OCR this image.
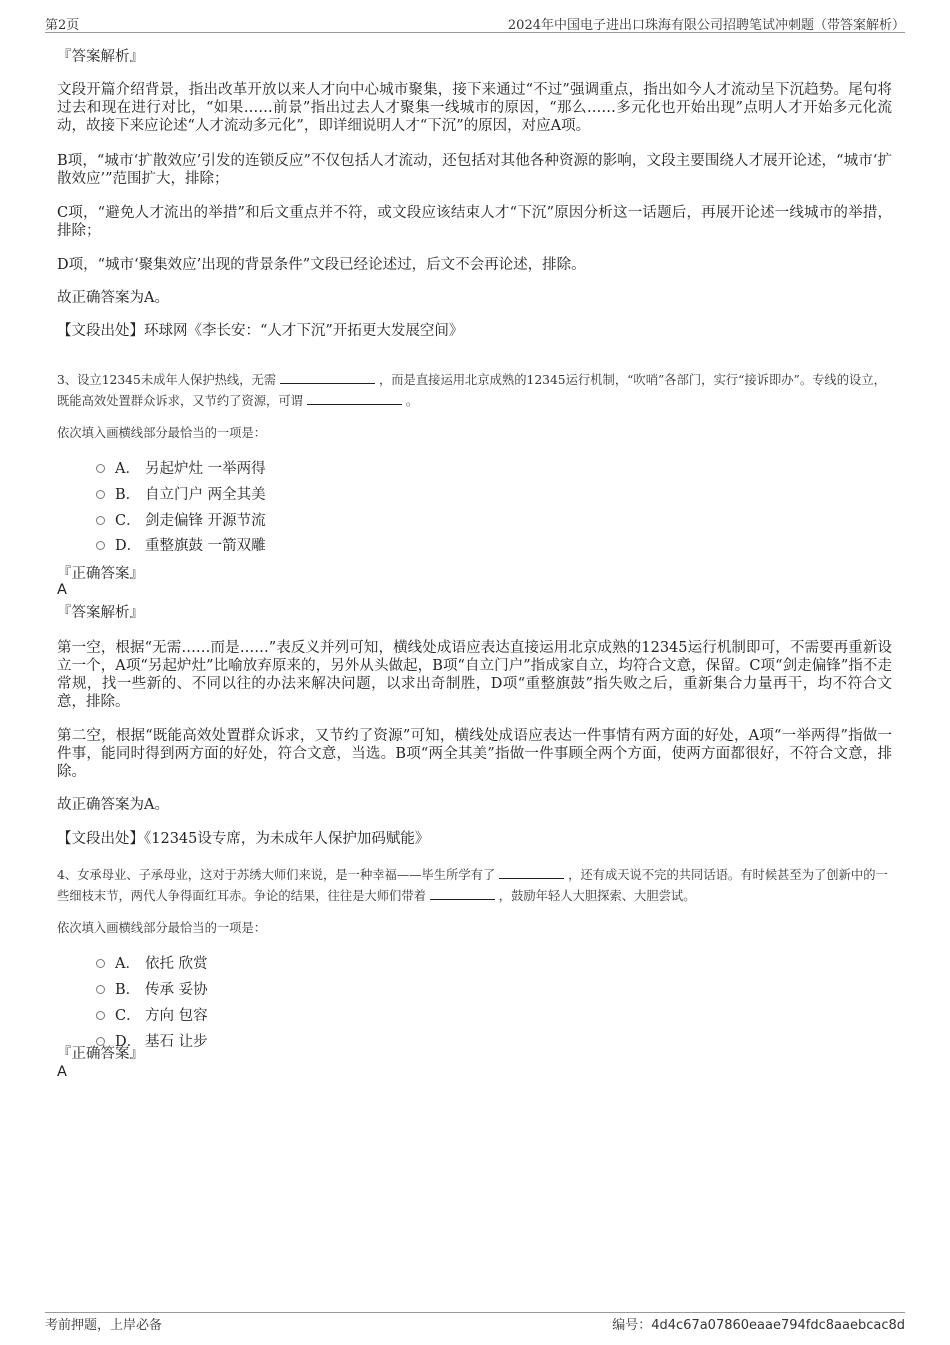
第2页	2024年中国电子进出口珠海有限公司招聘笔试冲刺题（带答案解析）
『答案解析』
文段开篇介绍背景，指出改革开放以来人才向中心城市聚集，接下来通过“不过”强调重点，指出如今人才流动呈下沉趋势。尾句将过去和现在进行对比，“如果……前景”指出过去人才聚集一线城市的原因，“那么……多元化也开始出现”点明人才开始多元化流动，故接下来应论述“人才流动多元化”，即详细说明人才“下沉”的原因，对应A项。
B项，“城市‘扩散效应’引发的连锁反应”不仅包括人才流动，还包括对其他各种资源的影响，文段主要围绕人才展开论述，“城市‘扩散效应’”范围扩大，排除；
C项，“避免人才流出的举措”和后文重点并不符，或文段应该结束人才“下沉”原因分析这一话题后，再展开论述一线城市的举措，排除；
D项，“城市‘聚集效应’出现的背景条件”文段已经论述过，后文不会再论述，排除。
故正确答案为A。
【文段出处】环球网《李长安：“人才下沉”开拓更大发展空间》
3、设立12345未成年人保护热线，无需	，而是直接运用北京成熟的12345运行机制，“吹哨”各部门，实行“接诉即办”。专线的设立，既能高效处置群众诉求，又节约了资源，可谓	。
依次填入画横线部分最恰当的一项是：
A． 另起炉灶 一举两得
B． 自立门户 两全其美
C． 剑走偏锋 开源节流
D． 重整旗鼓 一箭双雕
『正确答案』
A
『答案解析』
第一空，根据“无需……而是……”表反义并列可知，横线处成语应表达直接运用北京成熟的12345运行机制即可，不需要再重新设立一个，A项“另起炉灶”比喻放弃原来的，另外从头做起，B项“自立门户”指成家自立，均符合文意，保留。C项“剑走偏锋”指不走常规，找一些新的、不同以往的办法来解决问题，以求出奇制胜，D项“重整旗鼓”指失败之后，重新集合力量再干，均不符合文意，排除。
第二空，根据“既能高效处置群众诉求，又节约了资源”可知，横线处成语应表达一件事情有两方面的好处，A项“一举两得”指做一件事，能同时得到两方面的好处，符合文意，当选。B项“两全其美”指做一件事顾全两个方面，使两方面都很好，不符合文意，排除。
故正确答案为A。
【文段出处】《12345设专席，为未成年人保护加码赋能》
4、女承母业、子承母业，这对于苏绣大师们来说，是一种幸福——毕生所学有了	，还有成天说不完的共同话语。有时候甚至为了创新中的一些细枝末节，两代人争得面红耳赤。争论的结果，往往是大师们带着	，鼓励年轻人大胆探索、大胆尝试。
依次填入画横线部分最恰当的一项是：
A． 依托 欣赏
B． 传承 妥协
C． 方向 包容
D． 基石 让步
『正确答案』
A
考前押题，上岸必备	编号：4d4c67a07860eaae794fdc8aaebcac8d
